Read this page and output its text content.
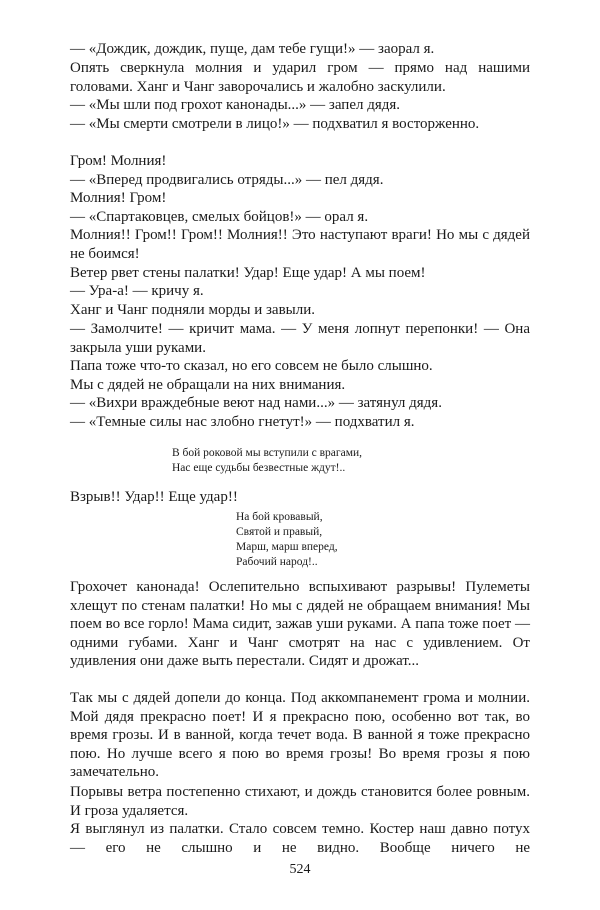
— «Дождик, дождик, пуще, дам тебе гущи!» — заорал я.

Опять сверкнула молния и ударил гром — прямо над нашими головами. Ханг и Чанг заворочались и жалобно заскулили.

— «Мы шли под грохот канонады...» — запел дядя.

— «Мы смерти смотрели в лицо!» — подхватил я восторженно.

Гром! Молния!

— «Вперед продвигались отряды...» — пел дядя.

Молния! Гром!

— «Спартаковцев, смелых бойцов!» — орал я.

Молния!! Гром!! Гром!! Молния!! Это наступают враги! Но мы с дядей не боимся!

Ветер рвет стены палатки! Удар! Еще удар! А мы поем!

— Ура-а! — кричу я.

Ханг и Чанг подняли морды и завыли.

— Замолчите! — кричит мама. — У меня лопнут перепонки! — Она закрыла уши руками.

Папа тоже что-то сказал, но его совсем не было слышно.

Мы с дядей не обращали на них внимания.

— «Вихри враждебные веют над нами...» — затянул дядя.

— «Темные силы нас злобно гнетут!» — подхватил я.

В бой роковой мы вступили с врагами,

Нас еще судьбы безвестные ждут!..

Взрыв!! Удар!! Еще удар!!

На бой кровавый,

Святой и правый,

Марш, марш вперед,

Рабочий народ!..

Грохочет канонада! Ослепительно вспыхивают разрывы! Пулеметы хлещут по стенам палатки! Но мы с дядей не обращаем внимания! Мы поем во все горло! Мама сидит, зажав уши руками. А папа тоже поет — одними губами. Ханг и Чанг смотрят на нас с удивлением. От удивления они даже выть перестали. Сидят и дрожат...

Так мы с дядей допели до конца. Под аккомпанемент грома и молнии. Мой дядя прекрасно поет! И я прекрасно пою, особенно вот так, во время грозы. И в ванной, когда течет вода. В ванной я тоже прекрасно пою. Но лучше всего я пою во время грозы! Во время грозы я пою замечательно.

Порывы ветра постепенно стихают, и дождь становится более ровным. И гроза удаляется.

Я выглянул из палатки. Стало совсем темно. Костер наш давно потух — его не слышно и не видно. Вообще ничего не

524
